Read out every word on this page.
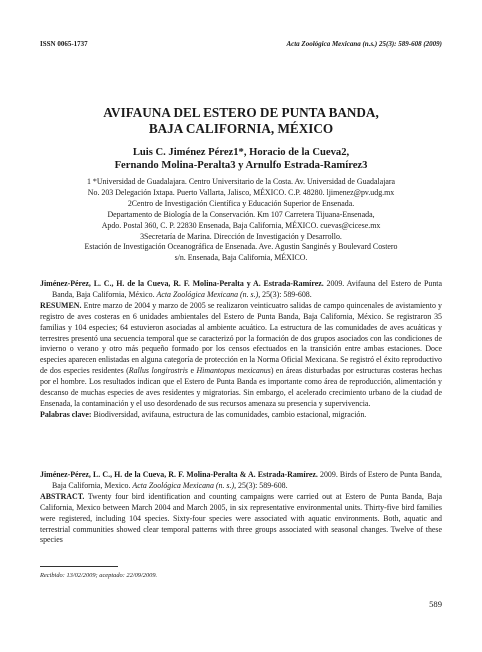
ISSN 0065-1737	Acta Zoológica Mexicana (n.s.) 25(3): 589-608 (2009)
AVIFAUNA DEL ESTERO DE PUNTA BANDA,
BAJA CALIFORNIA, MÉXICO
Luis C. Jiménez Pérez1*, Horacio de la Cueva2,
Fernando Molina-Peralta3 y Arnulfo Estrada-Ramírez3
1 *Universidad de Guadalajara. Centro Universitario de la Costa. Av. Universidad de Guadalajara
No. 203 Delegación Ixtapa. Puerto Vallarta, Jalisco, MÉXICO. C.P. 48280. ljimenez@pv.udg.mx
2Centro de Investigación Científica y Educación Superior de Ensenada.
Departamento de Biología de la Conservación. Km 107 Carretera Tijuana-Ensenada,
Apdo. Postal 360, C. P. 22830 Ensenada, Baja California, MÉXICO. cuevas@cicese.mx
3Secretaría de Marina. Dirección de Investigación y Desarrollo.
Estación de Investigación Oceanográfica de Ensenada. Ave. Agustin Sanginés y Boulevard Costero
s/n. Ensenada, Baja California, MÉXICO.

Jiménez-Pérez, L. C., H. de la Cueva, R. F. Molina-Peralta y A. Estrada-Ramírez. 2009. Avifauna del Estero de Punta Banda, Baja California, México. Acta Zoológica Mexicana (n. s.), 25(3): 589-608.

RESUMEN. Entre marzo de 2004 y marzo de 2005 se realizaron veinticuatro salidas de campo quincenales de avistamiento y registro de aves costeras en 6 unidades ambientales del Estero de Punta Banda, Baja California, México. Se registraron 35 familias y 104 especies; 64 estuvieron asociadas al ambiente acuático. La estructura de las comunidades de aves acuáticas y terrestres presentó una secuencia temporal que se caracterizó por la formación de dos grupos asociados con las condiciones de invierno o verano y otro más pequeño formado por los censos efectuados en la transición entre ambas estaciones. Doce especies aparecen enlistadas en alguna categoría de protección en la Norma Oficial Mexicana. Se registró el éxito reproductivo de dos especies residentes (Rallus longirostris e Himantopus mexicanus) en áreas disturbadas por estructuras costeras hechas por el hombre. Los resultados indican que el Estero de Punta Banda es importante como área de reproducción, alimentación y descanso de muchas especies de aves residentes y migratorias. Sin embargo, el acelerado crecimiento urbano de la ciudad de Ensenada, la contaminación y el uso desordenado de sus recursos amenaza su presencia y supervivencia.

Palabras clave: Biodiversidad, avifauna, estructura de las comunidades, cambio estacional, migración.

Jiménez-Pérez, L. C., H. de la Cueva, R. F. Molina-Peralta & A. Estrada-Ramírez. 2009. Birds of Estero de Punta Banda, Baja California, Mexico. Acta Zoológica Mexicana (n. s.), 25(3): 589-608.

ABSTRACT. Twenty four bird identification and counting campaigns were carried out at Estero de Punta Banda, Baja California, Mexico between March 2004 and March 2005, in six representative environmental units. Thirty-five bird families were registered, including 104 species. Sixty-four species were associated with aquatic environments. Both, aquatic and terrestrial communities showed clear temporal patterns with three groups associated with seasonal changes. Twelve of these species

Recibido: 13/02/2009; aceptado: 22/09/2009.
589
